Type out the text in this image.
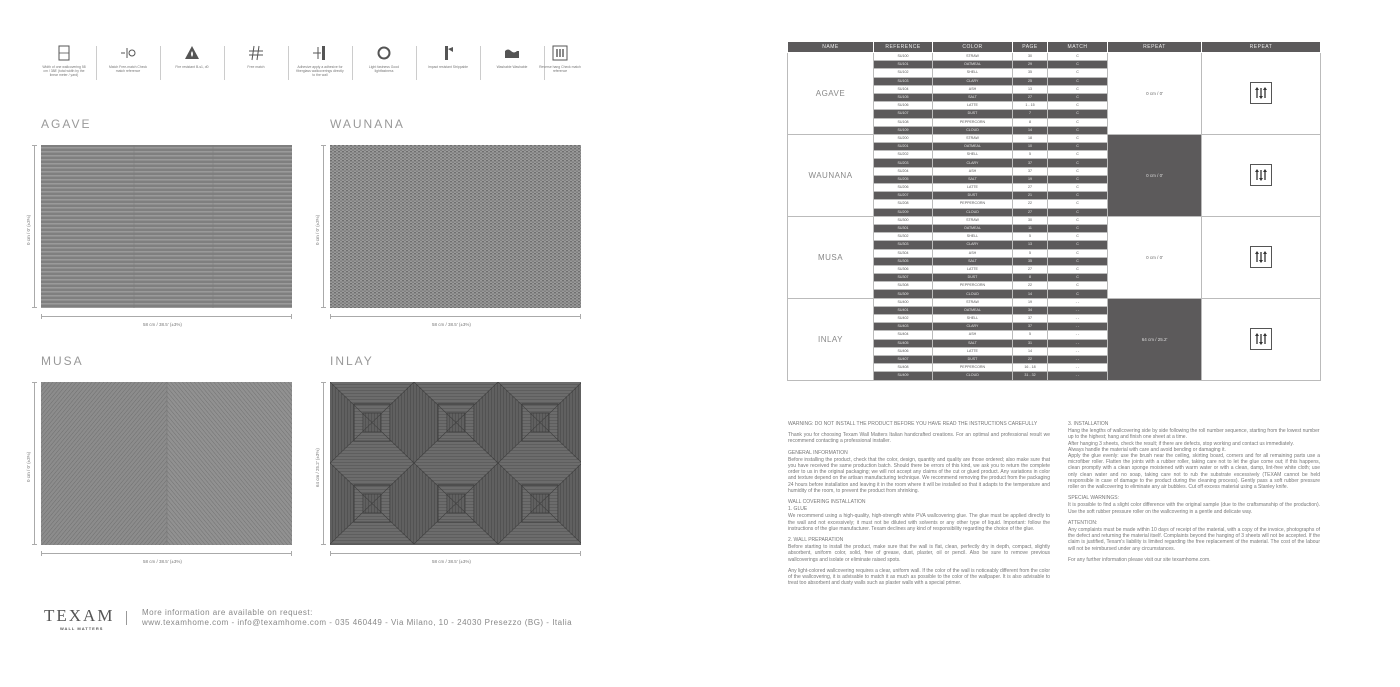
Width of one wallcovering 58 cm / 388' (total width by the linear meter / yard)
Match Free-match Check match reference
Fire resistant B-s1, d0	Free match	Adhesive apply a adhesive for fiberglass wallcoverings directly to the wall
Light fastness Good lightfastness
Impact resistant Strippable	Washable Washable	Reverse hang Check match reference
AGAVE
58 cm / 38.5' (±3%)
0 cm / 0' (±3%)
WAUNANA
58 cm / 38.5' (±3%)
0 cm / 0' (±3%)
MUSA
58 cm / 38.5' (±3%)
0 cm / 0' (±3%)
INLAY
58 cm / 38.5' (±3%)
64 cm / 25.2' (±3%)
TEXAM
WALL MATTERS
More information are available on request:
www.texamhome.com - info@texamhome.com - 035 460449 - Via Milano, 10 - 24030 Presezzo (BG) - Italia
NAME	REFERENCE	COLOR	PAGE	MATCH	REPEAT	REPEAT
AGAVE	SU100	STRAW	30	C	0 cm / 0'	

	SU101	OATMEAL	29	C		
	SU102	SHELL	35	C		
	SU103	CLARY	25	C		
	SU104	ASH	13	C		
	SU105	SALT	27	C		
	SU106	LATTE	1 - 15	C		
	SU107	DUST	7	C		
	SU108	PEPPERCORN	8	C		
	SU109	CLOUD	14	C		
WAUNANA	SU200	STRAW	18	C	0 cm / 0'	

	SU201	OATMEAL	10	C		
	SU202	SHELL	5	C		
	SU203	CLARY	37	C		
	SU204	ASH	37	C		
	SU205	SALT	19	C		
	SU206	LATTE	27	C		
	SU207	DUST	21	C		
	SU208	PEPPERCORN	22	C		
	SU209	CLOUD	27	C		
MUSA	SU300	STRAW	30	C	0 cm / 0'	

	SU301	OATMEAL	11	C		
	SU302	SHELL	5	C		
	SU303	CLARY	13	C		
	SU304	ASH	5	C		
	SU305	SALT	35	C		
	SU306	LATTE	27	C		
	SU307	DUST	8	C		
	SU308	PEPPERCORN	22	C		
	SU309	CLOUD	14	C		
INLAY	SU400	STRAW	19	- -	64 cm / 25.2'	

	SU401	OATMEAL	34	- -		
	SU402	SHELL	37	- -		
	SU403	CLARY	37	- -		
	SU404	ASH	5	- -		
	SU405	SALT	31	- -		
	SU406	LATTE	14	- -		
	SU407	DUST	22	- -		
	SU408	PEPPERCORN	16 - 18	- -		
	SU409	CLOUD	31 - 32	- -		

WARNING: DO NOT INSTALL THE PRODUCT BEFORE YOU HAVE READ THE INSTRUCTIONS CAREFULLY

Thank you for choosing Texam Wall Matters Italian handcrafted creations. For an optimal and professional result we recommend contacting a professional installer.

GENERAL INFORMATION

Before installing the product, check that the color, design, quantity and quality are those ordered; also make sure that you have received the same production batch. Should there be errors of this kind, we ask you to return the complete order to us in the original packaging; we will not accept any claims of the cut or glued product. Any variations in color and texture depend on the artisan manufacturing technique. We recommend removing the product from the packaging 24 hours before installation and leaving it in the room where it will be installed so that it adapts to the temperature and humidity of the room, to prevent the product from shrinking.

WALL COVERING INSTALLATION
1. GLUE

We recommend using a high-quality, high-strength white PVA wallcovering glue. The glue must be applied directly to the wall and not excessively; it must not be diluted with solvents or any other type of liquid. Important: follow the instructions of the glue manufacturer. Texam declines any kind of responsibility regarding the choice of the glue.

2. WALL PREPARATION

Before starting to install the product, make sure that the wall is flat, clean, perfectly dry in depth, compact, slightly absorbent, uniform color, solid, free of grease, dust, plaster, oil or pencil. Also be sure to remove previous wallcoverings and isolate or eliminate raised spots.

Any light-colored wallcovering requires a clear, uniform wall. If the color of the wall is noticeably different from the color of the wallcovering, it is advisable to match it as much as possible to the color of the wallpaper. It is also advisable to treat too absorbent and dusty walls such as plaster walls with a special primer.

3. INSTALLATION
Hang the lengths of wallcovering side by side following the roll number sequence, starting from the lowest number up to the highest; hang and finish one sheet at a time.
After hanging 3 sheets, check the result; if there are defects, stop working and contact us immediately.
Always handle the material with care and avoid bending or damaging it.

Apply the glue evenly: use the brush near the ceiling, skirting board, corners and for all remaining parts use a microfiber roller. Flatten the joints with a rubber roller, taking care not to let the glue come out; if this happens, clean promptly with a clean sponge moistened with warm water or with a clean, damp, lint-free white cloth; use only clean water and no soap, taking care not to rub the substrate excessively (TEXAM cannot be held responsible in case of damage to the product during the cleaning process). Gently pass a soft rubber pressure roller on the wallcovering to eliminate any air bubbles. Cut off excess material using a Stanley knife.

SPECIAL WARNINGS:

It is possible to find a slight color difference with the original sample (due to the craftsmanship of the production). Use the soft rubber pressure roller on the wallcovering in a gentle and delicate way.

ATTENTION:

Any complaints must be made within 10 days of receipt of the material, with a copy of the invoice, photographs of the defect and returning the material itself. Complaints beyond the hanging of 3 sheets will not be accepted. If the claim is justified, Texam's liability is limited regarding the free replacement of the material. The cost of the labour will not be reimbursed under any circumstances.

For any further information please visit our site texamhome.com.
